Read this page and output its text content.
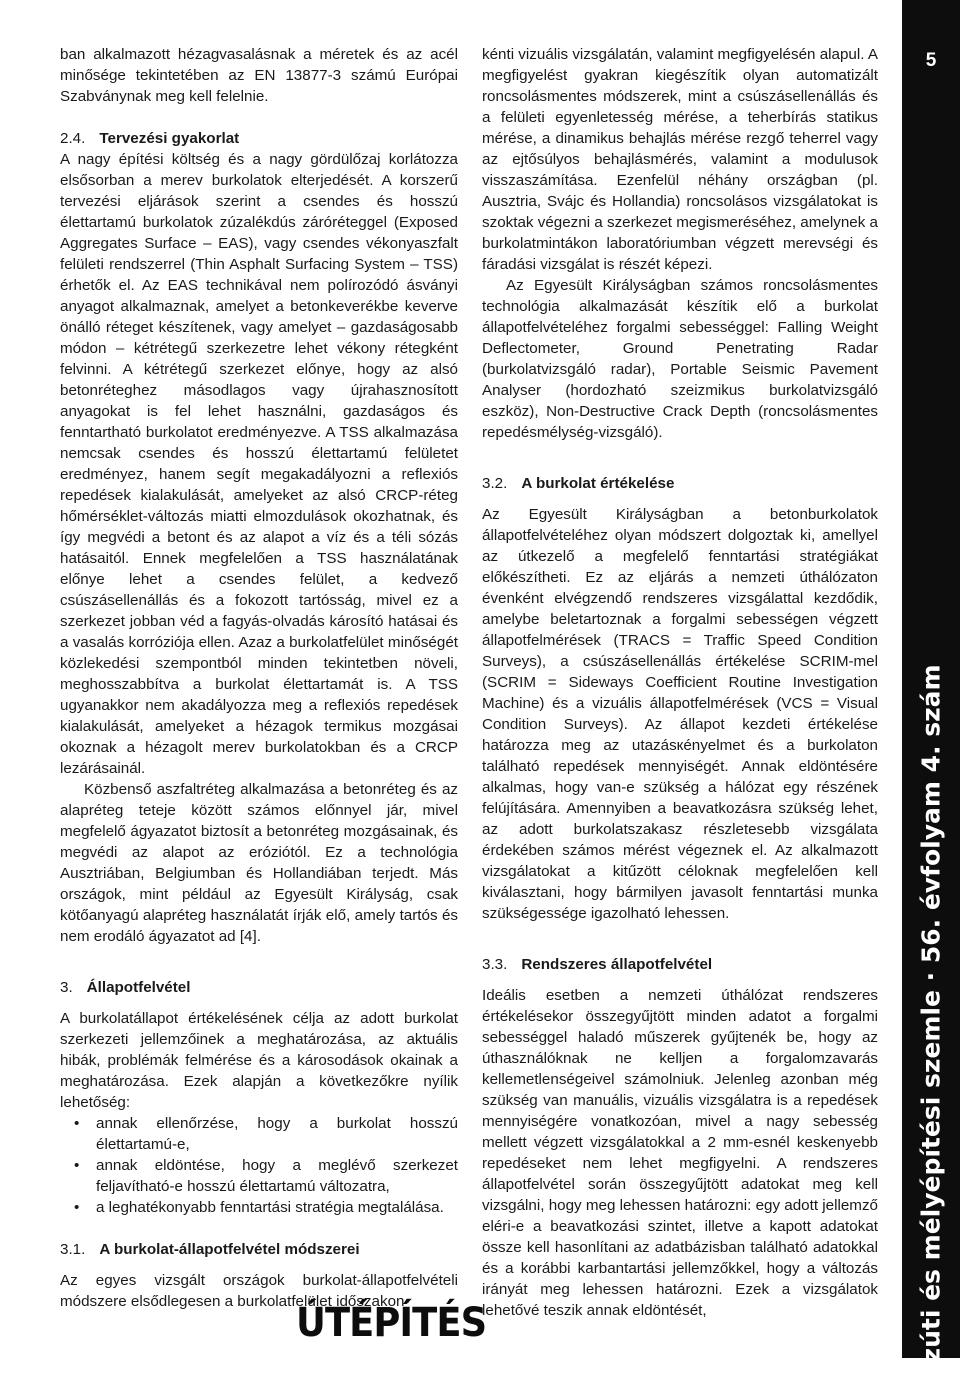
ban alkalmazott hézagvasalásnak a méretek és az acél minősége tekintetében az EN 13877-3 számú Európai Szabványnak meg kell felelnie.

2.4. Tervezési gyakorlat

A nagy építési költség és a nagy gördülőzaj korlátozza elsősorban a merev burkolatok elterjedését. A korszerű tervezési eljárások szerint a csendes és hosszú élettartamú burkolatok zúzalékdús záróréteggel (Exposed Aggregates Surface – EAS), vagy csendes vékonyaszfalt felületi rendszerrel (Thin Asphalt Surfacing System – TSS) érhetők el. Az EAS technikával nem polírozódó ásványi anyagot alkalmaznak, amelyet a betonkeverékbe keverve önálló réteget készítenek, vagy amelyet – gazdaságosabb módon – kétrétegű szerkezetre lehet vékony rétegként felvinni. A kétrétegű szerkezet előnye, hogy az alsó betonréteghez másodlagos vagy újrahasznosított anyagokat is fel lehet használni, gazdaságos és fenntartható burkolatot eredményezve. A TSS alkalmazása nemcsak csendes és hosszú élettartamú felületet eredményez, hanem segít megakadályozni a reflexiós repedések kialakulását, amelyeket az alsó CRCP-réteg hőmérséklet-változás miatti elmozdulások okozhatnak, és így megvédi a betont és az alapot a víz és a téli sózás hatásaitól. Ennek megfelelően a TSS használatának előnye lehet a csendes felület, a kedvező csúszásellenállás és a fokozott tartósság, mivel ez a szerkezet jobban véd a fagyás-olvadás károsító hatásai és a vasalás korróziója ellen. Azaz a burkolatfelület minőségét közlekedési szempontból minden tekintetben növeli, meghosszabbítva a burkolat élettartamát is. A TSS ugyanakkor nem akadályozza meg a reflexiós repedések kialakulását, amelyeket a hézagok termikus mozgásai okoznak a hézagolt merev burkolatokban és a CRCP lezárásainál.

Közbenső aszfaltréteg alkalmazása a betonréteg és az alapréteg teteje között számos előnnyel jár, mivel megfelelő ágyazatot biztosít a betonréteg mozgásainak, és megvédi az alapot az eróziótól. Ez a technológia Ausztriában, Belgiumban és Hollandiában terjedt. Más országok, mint például az Egyesült Királyság, csak kötőanyagú alapréteg használatát írják elő, amely tartós és nem erodáló ágyazatot ad [4].

3. Állapotfelvétel

A burkolatállapot értékelésének célja az adott burkolat szerkezeti jellemzőinek a meghatározása, az aktuális hibák, problémák felmérése és a károsodások okainak a meghatározása. Ezek alapján a következőkre nyílik lehetőség:

• annak ellenőrzése, hogy a burkolat hosszú élettartamú-e,
• annak eldöntése, hogy a meglévő szerkezet feljavítható-e hosszú élettartamú változatra,
• a leghatékonyabb fenntartási stratégia megtalálása.
3.1. A burkolat-állapotfelvétel módszerei

Az egyes vizsgált országok burkolat-állapotfelvételi módszere elsődlegesen a burkolatfelület időszakon-

kénti vizuális vizsgálatán, valamint megfigyelésén alapul. A megfigyelést gyakran kiegészítik olyan automatizált roncsolásmentes módszerek, mint a csúszásellenállás és a felületi egyenletesség mérése, a teherbírás statikus mérése, a dinamikus behajlás mérése rezgő teherrel vagy az ejtősúlyos behajlásmérés, valamint a modulusok visszaszámítása. Ezenfelül néhány országban (pl. Ausztria, Svájc és Hollandia) roncsolásos vizsgálatokat is szoktak végezni a szerkezet megismeréséhez, amelynek a burkolatmintákon laboratóriumban végzett merevségi és fáradási vizsgálat is részét képezi.

Az Egyesült Királyságban számos roncsolásmentes technológia alkalmazását készítik elő a burkolat állapotfelvételéhez forgalmi sebességgel: Falling Weight Deflectometer, Ground Penetrating Radar (burkolatvizsgáló radar), Portable Seismic Pavement Analyser (hordozható szeizmikus burkolatvizsgáló eszköz), Non-Destructive Crack Depth (roncsolásmentes repedésmélység-vizsgáló).

3.2. A burkolat értékelése

Az Egyesült Királyságban a betonburkolatok állapotfelvételéhez olyan módszert dolgoztak ki, amellyel az útkezelő a megfelelő fenntartási stratégiákat előkészítheti. Ez az eljárás a nemzeti úthálózaton évenként elvégzendő rendszeres vizsgálattal kezdődik, amelybe beletartoznak a forgalmi sebességen végzett állapotfelmérések (TRACS = Traffic Speed Condition Surveys), a csúszásellenállás értékelése SCRIM-mel (SCRIM = Sideways Coefficient Routine Investigation Machine) és a vizuális állapotfelmérések (VCS = Visual Condition Surveys). Az állapot kezdeti értékelése határozza meg az utazásкényelmet és a burkolaton található repedések mennyiségét. Annak eldöntésére alkalmas, hogy van-e szükség a hálózat egy részének felújítására. Amennyiben a beavatkozásra szükség lehet, az adott burkolatszakasz részletesebb vizsgálata érdekében számos mérést végeznek el. Az alkalmazott vizsgálatokat a kitűzött céloknak megfelelően kell kiválasztani, hogy bármilyen javasolt fenntartási munka szükségessége igazolható lehessen.

3.3. Rendszeres állapotfelvétel

Ideális esetben a nemzeti úthálózat rendszeres értékelésekor összegyűjtött minden adatot a forgalmi sebességgel haladó műszerek gyűjtenék be, hogy az úthasználóknak ne kelljen a forgalomzavarás kellemetlenségeivel számolniuk. Jelenleg azonban még szükség van manuális, vizuális vizsgálatra is a repedések mennyiségére vonatkozóan, mivel a nagy sebesség mellett végzett vizsgálatokkal a 2 mm-esnél keskenyebb repedéseket nem lehet megfigyelni. A rendszeres állapotfelvétel során összegyűjtött adatokat meg kell vizsgálni, hogy meg lehessen határozni: egy adott jellemző eléri-e a beavatkozási szintet, illetve a kapott adatokat össze kell hasonlítani az adatbázisban található adatokkal és a korábbi karbantartási jellemzőkkel, hogy a változás irányát meg lehessen határozni. Ezek a vizsgálatok lehetővé teszik annak eldöntését,

5
közúti és mélyépítési szemle · 56. évfolyam 4. szám
ÚTÉPÍTÉS
